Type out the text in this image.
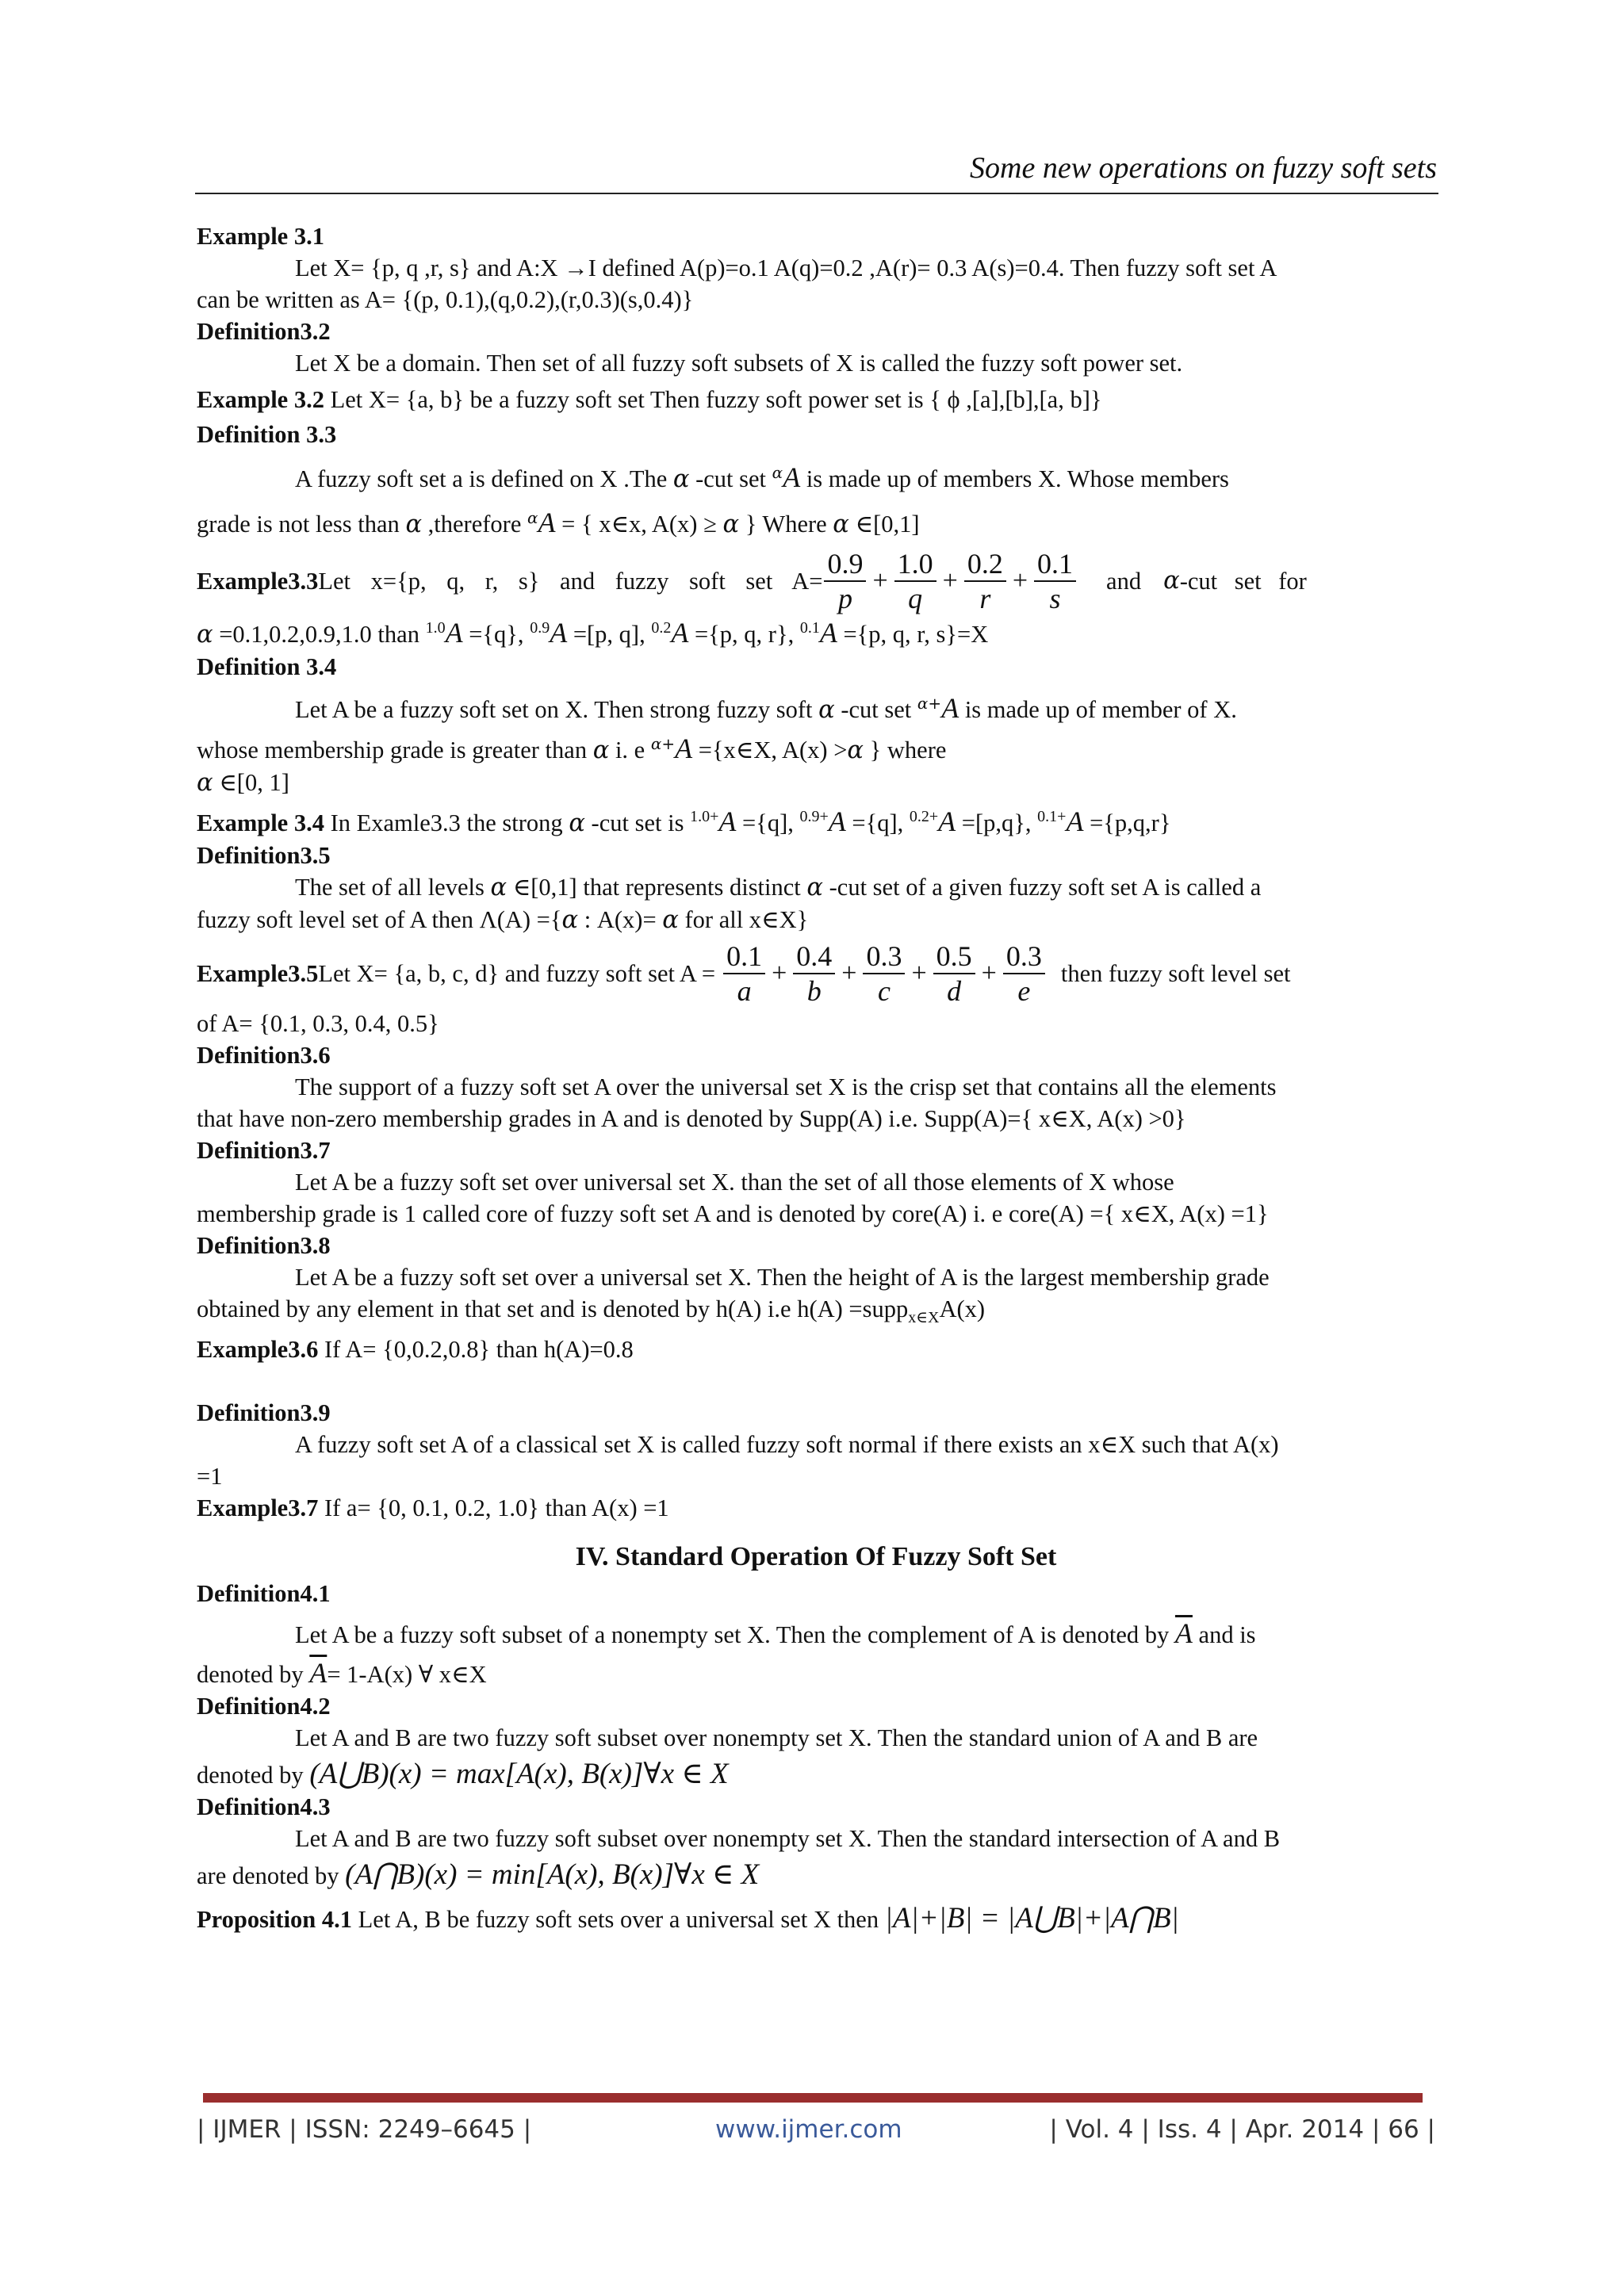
Some new operations on fuzzy soft sets

Example 3.1

Let X= {p, q ,r, s} and A:X →I defined A(p)=o.1 A(q)=0.2 ,A(r)= 0.3 A(s)=0.4. Then fuzzy soft set A

can be written as A= {(p, 0.1),(q,0.2),(r,0.3)(s,0.4)}

Definition3.2

Let X be a domain. Then set of all fuzzy soft subsets of X is called the fuzzy soft power set.

Example 3.2 Let X= {a, b} be a fuzzy soft set Then fuzzy soft power set is { ϕ ,[a],[b],[a, b]}

Definition 3.3

A fuzzy soft set a is defined on X .The α -cut set $^\alpha$A is made up of members X. Whose members

grade is not less than α ,therefore $^\alpha$A = { x∈x, A(x) ≥ α } Where α ∈[0,1]

Example3.3 Let x={p, q, r, s} and fuzzy soft set $A= \frac{0.9}{p} + \frac{1.0}{q} + \frac{0.2}{r} + \frac{0.1}{s}$ and α -cut set for

α =0.1,0.2,0.9,1.0 than $^{1.0}$A ={q}, $^{0.9}$A =[p, q], $^{0.2}$A ={p, q, r}, $^{0.1}$A ={p, q, r, s}=X

Definition 3.4

Let A be a fuzzy soft set on X. Then strong fuzzy soft α -cut set $^{\alpha+}$A is made up of member of X.

whose membership grade is greater than α i. e $^{\alpha+}$A ={x∈X, A(x) >α } where

α ∈[0, 1]

Example 3.4 In Examle3.3 the strong α -cut set is $^{1.0+}$A ={q], $^{0.9+}$A ={q], $^{0.2+}$A =[p,q}, $^{0.1+}$A ={p,q,r}

Definition3.5

The set of all levels α ∈[0,1] that represents distinct α -cut set of a given fuzzy soft set A is called a

fuzzy soft level set of A then Λ(A) ={α : A(x)= α for all x∈X}

Example3.5 Let X= {a, b, c, d} and fuzzy soft set $A = \frac{0.1}{a} + \frac{0.4}{b} + \frac{0.3}{c} + \frac{0.5}{d} + \frac{0.3}{e}$ then fuzzy soft level set

of A= {0.1, 0.3, 0.4, 0.5}

Definition3.6

The support of a fuzzy soft set A over the universal set X is the crisp set that contains all the elements

that have non-zero membership grades in A and is denoted by Supp(A) i.e. Supp(A)={ x∈X, A(x) >0}

Definition3.7

Let A be a fuzzy soft set over universal set X. than the set of all those elements of X whose

membership grade is 1 called core of fuzzy soft set A and is denoted by core(A) i. e core(A) ={ x∈X, A(x) =1}

Definition3.8

Let A be a fuzzy soft set over a universal set X. Then the height of A is the largest membership grade

obtained by any element in that set and is denoted by h(A) i.e h(A) =supp$_{x\in X}$A(x)

Example3.6 If A= {0,0.2,0.8} than h(A)=0.8

Definition3.9

A fuzzy soft set A of a classical set X is called fuzzy soft normal if there exists an x∈X such that A(x)

=1

Example3.7 If a= {0, 0.1, 0.2, 1.0} than A(x) =1

IV. Standard Operation Of Fuzzy Soft Set

Definition4.1

Let A be a fuzzy soft subset of a nonempty set X. Then the complement of A is denoted by $\overline{A}$ and is

denoted by $\overline{A}= 1-A(x)$ ∀ x∈X

Definition4.2

Let A and B are two fuzzy soft subset over nonempty set X. Then the standard union of A and B are

denoted by (A⋃B)(x) = max[A(x), B(x)]∀x ∈ X

Definition4.3

Let A and B are two fuzzy soft subset over nonempty set X. Then the standard intersection of A and B

are denoted by (A⋂B)(x) = min[A(x), B(x)]∀x ∈ X

Proposition 4.1 Let A, B be fuzzy soft sets over a universal set X then |A|+|B| = |A⋃B|+|A⋂B|

| IJMER | ISSN: 2249–6645 |	www.ijmer.com	| Vol. 4 | Iss. 4 | Apr. 2014 | 66 |
